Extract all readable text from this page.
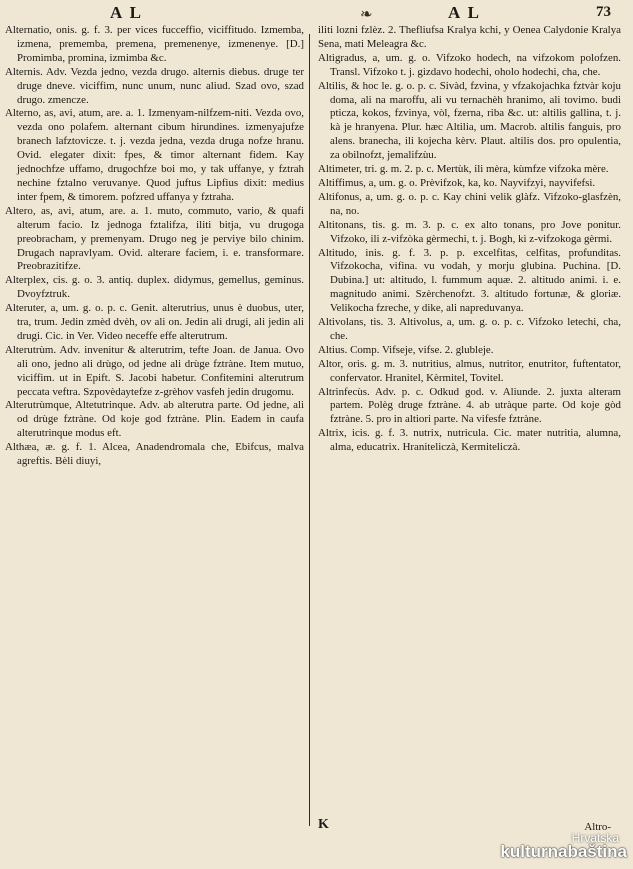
A L	❧	A L	73

Alternatio, onis. g. f. 3. per vices fucceffio, viciffitudo. Izmemba, izmena, prememba, premena, premenenye, izmenenye. [D.] Promimba, promina, izmimba &c.

Alternis. Adv. Vezda jedno, vezda drugo. alternis diebus. druge ter druge dneve. viciffim, nunc unum, nunc aliud. Szad ovo, szad drugo. zmencze.

Alterno, as, avi, atum, are. a. 1. Izmenyam-nilfzem-niti. Vezda ovo, vezda ono polafem. alternant cibum hirundines. izmenyajufze branech lafztovicze. t. j. vezda jedna, vezda druga nofze hranu. Ovid. elegater dixit: fpes, & timor alternant fidem. Kay jednochfze uffamo, drugochfze boi mo, y tak uffanye, y fztrah nechine fztalno veruvanye. Quod juftus Lipfius dixit: medius inter fpem, & timorem. pofzred uffanya y fztraha.

Altero, as, avi, atum, are. a. 1. muto, commuto, vario, & quafi alterum facio. Iz jednoga fztalifza, iliti bitja, vu drugoga preobracham, y premenyam. Drugo neg je perviye bilo chinim. Drugach napravlyam. Ovid. alterare faciem, i. e. transformare. Preobrazitifze.

Alterplex, cis. g. o. 3. antiq. duplex. didymus, gemellus, geminus. Dvoyfztruk.

Alteruter, a, um. g. o. p. c. Genit. alterutrius, unus è duobus, uter, tra, trum. Jedin zmèd dvèh, ov ali on. Jedin ali drugi, ali jedin ali drugi. Cic. in Ver. Video neceffe effe alterutrum.

Alterutrùm. Adv. invenitur & alterutrim, tefte Joan. de Janua. Ovo ali ono, jedno ali drùgo, od jedne ali drùge fztràne. Item mutuo, viciffim. ut in Epift. S. Jacobi habetur. Confitemini alterutrum peccata veftra. Szpovèdaytefze z-grèhov vasfeh jedin drugomu.

Alterutrùmque, Altetutrinque. Adv. ab alterutra parte. Od jedne, ali od drùge fztràne. Od koje god fztràne. Plin. Eadem in caufa alterutrinque modus eft.

Althæa, æ. g. f. 1. Alcea, Anadendromala che, Ebifcus, malva agreftis. Bèli diuyi,

iliti lozni fzlèz. 2. Thefliufsa Kralya kchi, y Oenea Calydonie Kralya Sena, mati Meleagra &c.

Altigradus, a, um. g. o. Vifzoko hodech, na vifzokom polofzen. Transl. Vifzoko t. j. gizdavo hodechi, oholo hodechi, cha, che.

Altilis, & hoc le. g. o. p. c. Sivàd, fzvina, y vfzakojachka fztvàr koju doma, ali na maroffu, ali vu ternachèh hranimo, ali tovimo. budi pticza, kokos, fzvinya, vòl, fzerna, riba &c. ut: altilis gallina, t. j. kà je hranyena. Plur. hæc Altilia, um. Macrob. altilis fanguis, pro alens. branecha, ili kojecha kèrv. Plaut. altilis dos. pro opulentia, za obilnofzt, jemalifzùu.

Altimeter, tri. g. m. 2. p. c. Mertùk, ili mèra, kùmfze vifzoka mère.

Altiffimus, a, um. g. o. Prèvifzok, ka, ko. Nayvifzyi, nayvifefsi.

Altifonus, a, um. g. o. p. c. Kay chini velik glàfz. Vifzoko-glasfzèn, na, no.

Altitonans, tis. g. m. 3. p. c. ex alto tonans, pro Jove ponitur. Vifzoko, ili z-vifzòka gèrmechi, t. j. Bogh, kì z-vifzokoga gèrmi.

Altitudo, inis. g. f. 3. p. p. excelfitas, celfitas, profunditas. Vifzokocha, vifina. vu vodah, y morju glubina. Puchina. [D. Dubina.] ut: altitudo, l. fummum aquæ. 2. altitudo animi. i. e. magnitudo animi. Szèrchenofzt. 3. altitudo fortunæ, & gloriæ. Velikocha fzreche, y dike, ali napreduvanya.

Altivolans, tis. 3. Altivolus, a, um. g. o. p. c. Vifzoko letechi, cha, che.

Altius. Comp. Vifseje, vifse. 2. glubleje.

Altor, oris. g. m. 3. nutritius, almus, nutritor, enutritor, fuftentator, confervator. Hranitel, Kèrmitel, Tovitel.

Altrinfecùs. Adv. p. c. Odkud god. v. Aliunde. 2. juxta alteram partem. Polèg druge fztràne. 4. ab utràque parte. Od koje gòd fztràne. 5. pro in altiori parte. Na vifesfe fztràne.

Altrix, icis. g. f. 3. nutrix, nutricula. Cic. mater nutritia, alumna, alma, educatrix. Hraniteliczà, Kermiteliczà.

K	Altro-
Hrvatska
kulturnabaština
